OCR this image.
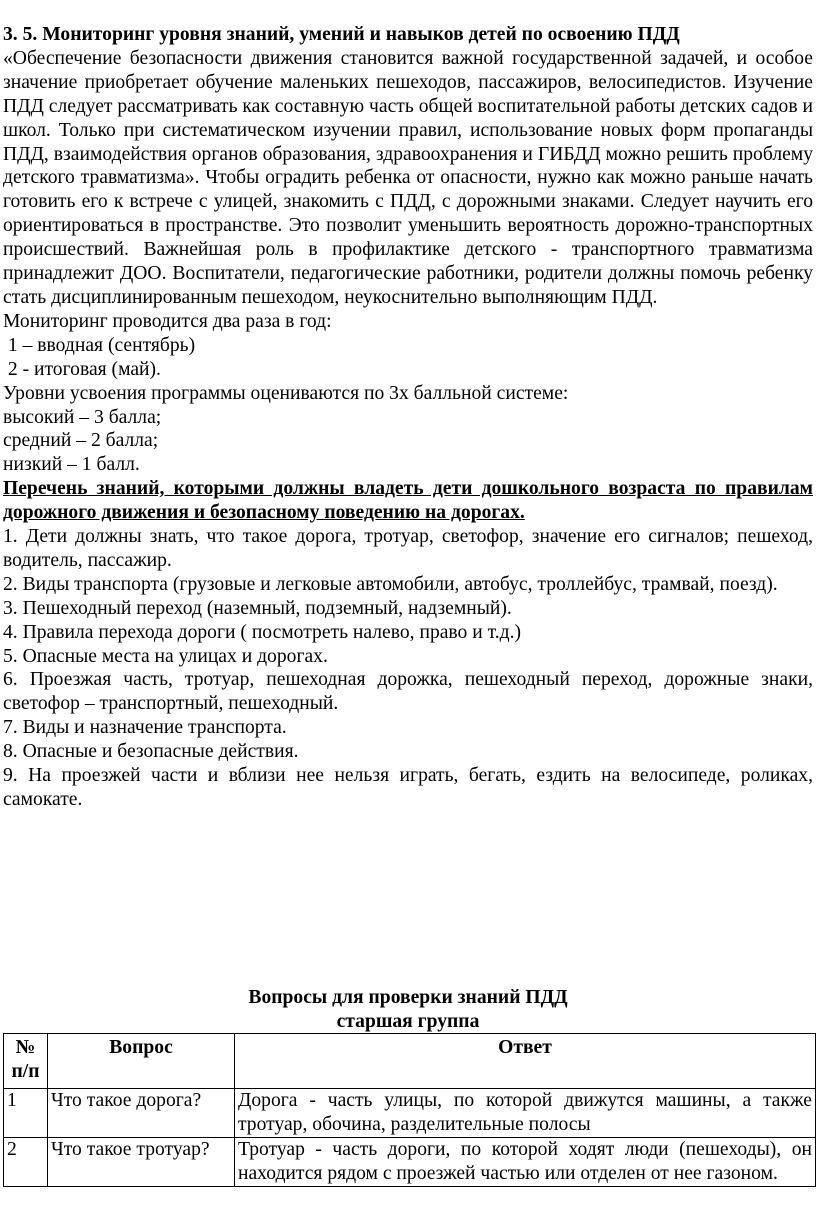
3. 5. Мониторинг уровня знаний, умений и навыков детей по освоению ПДД

«Обеспечение безопасности движения становится важной государственной задачей, и особое значение приобретает обучение маленьких пешеходов, пассажиров, велосипедистов. Изучение ПДД следует рассматривать как составную часть общей воспитательной работы детских садов и школ. Только при систематическом изучении правил, использование новых форм пропаганды ПДД, взаимодействия органов образования, здравоохранения и ГИБДД можно решить проблему детского травматизма». Чтобы оградить ребенка от опасности, нужно как можно раньше начать готовить его к встрече с улицей, знакомить с ПДД, с дорожными знаками. Следует научить его ориентироваться в пространстве. Это позволит уменьшить вероятность дорожно-транспортных происшествий. Важнейшая роль в профилактике детского - транспортного травматизма принадлежит ДОО. Воспитатели, педагогические работники, родители должны помочь ребенку стать дисциплинированным пешеходом, неукоснительно выполняющим ПДД.

Мониторинг проводится два раза в год:

1 – вводная (сентябрь)

2 - итоговая (май).

Уровни усвоения программы оцениваются по 3х балльной системе:

высокий – 3 балла;

средний – 2 балла;

низкий – 1 балл.

Перечень знаний, которыми должны владеть дети дошкольного возраста по правилам дорожного движения и безопасному поведению на дорогах.

1. Дети должны знать, что такое дорога, тротуар, светофор, значение его сигналов; пешеход, водитель, пассажир.

2. Виды транспорта (грузовые и легковые автомобили, автобус, троллейбус, трамвай, поезд).

3. Пешеходный переход (наземный, подземный, надземный).

4. Правила перехода дороги ( посмотреть налево, право и т.д.)

5. Опасные места на улицах и дорогах.

6. Проезжая часть, тротуар, пешеходная дорожка, пешеходный переход, дорожные знаки, светофор – транспортный, пешеходный.

7. Виды и назначение транспорта.

8. Опасные и безопасные действия.

9. На проезжей части и вблизи нее нельзя играть, бегать, ездить на велосипеде, роликах, самокате.

Вопросы для проверки знаний ПДД
старшая группа
№ п/п	Вопрос	Ответ
1	Что такое дорога?	Дорога - часть улицы, по которой движутся машины, а также тротуар, обочина, разделительные полосы
2	Что такое тротуар?	Тротуар - часть дороги, по которой ходят люди (пешеходы), он находится рядом с проезжей частью или отделен от нее газоном.
